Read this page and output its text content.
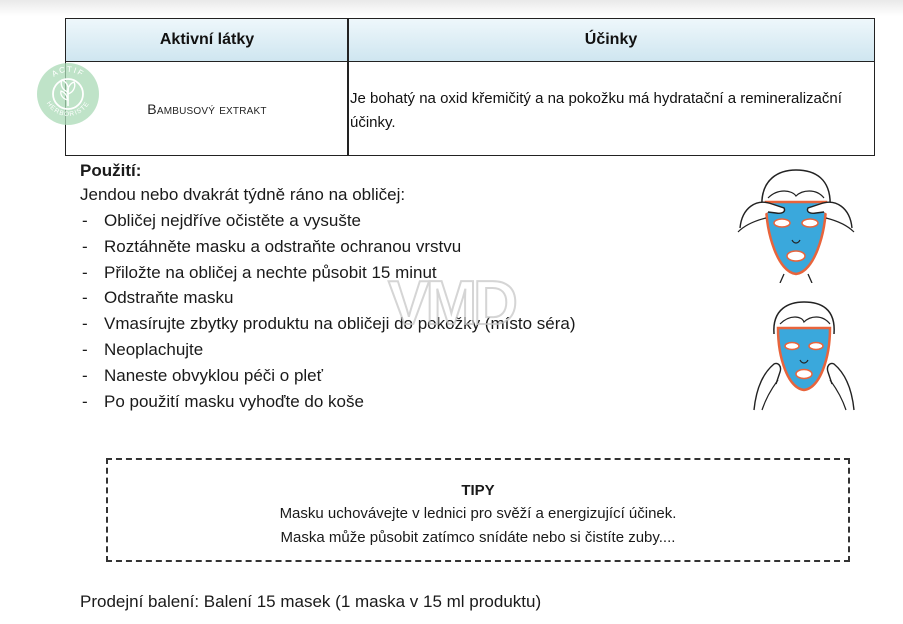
Aktivní látky	Účinky
Bambusový extrakt
Je bohatý na oxid křemičitý a na pokožku má hydratační a remineralizační účinky.
ACTIF
HERBORISTE
Použití:
Jendou nebo dvakrát týdně ráno na obličej:
- Obličej nejdříve očistěte a vysušte
- Roztáhněte masku a odstraňte ochranou vrstvu
- Přiložte na obličej a nechte působit 15 minut
- Odstraňte masku
- Vmasírujte zbytky produktu na obličeji do pokožky (místo séra)
- Neoplachujte
- Naneste obvyklou péči o pleť
- Po použití masku vyhoďte do koše
VMD
TIPY
Masku uchovávejte v lednici pro svěží a energizující účinek.
Maska může působit zatímco snídáte nebo si čistíte zuby....
Prodejní balení: Balení 15 masek (1 maska v 15 ml produktu)
